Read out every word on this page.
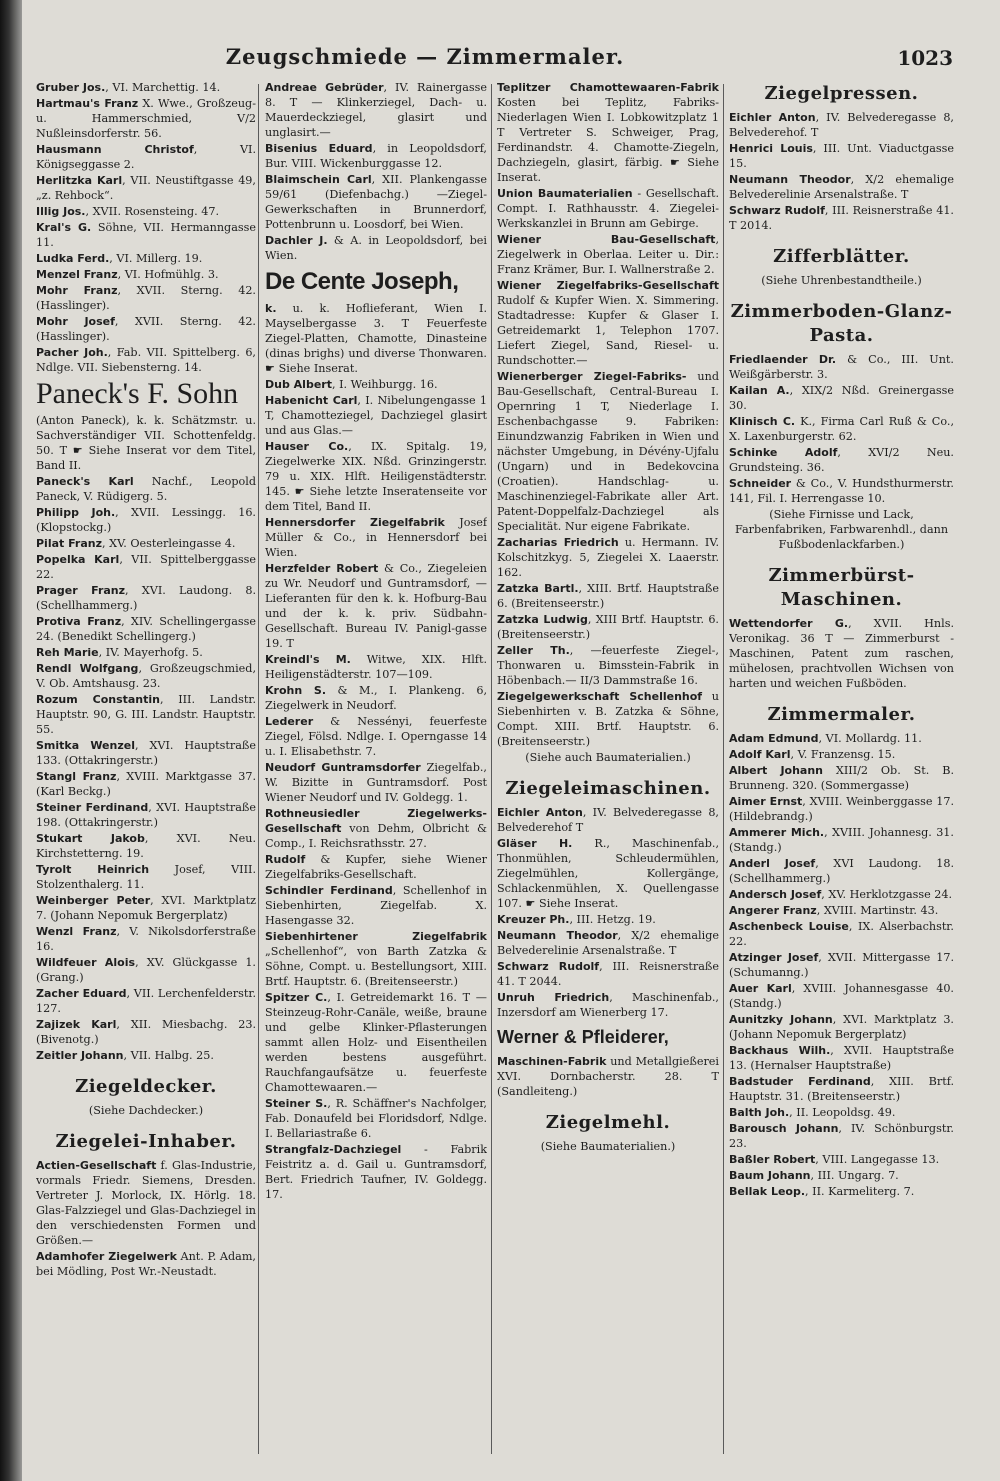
Zeugschmiede — Zimmermaler.	1023
Gruber Jos., VI. Marchettig. 14.
Hartmau's Franz X. Wwe., Großzeug- u. Hammerschmied, V/2 Nußleinsdorferstr. 56.
Hausmann Christof, VI. Königseggasse 2.
Herlitzka Karl, VII. Neustiftgasse 49, „z. Rehbock“.
Illig Jos., XVII. Rosensteing. 47.
Kral's G. Söhne, VII. Hermanngasse 11.
Ludka Ferd., VI. Millerg. 19.
Menzel Franz, VI. Hofmühlg. 3.
Mohr Franz, XVII. Sterng. 42. (Hasslinger).
Mohr Josef, XVII. Sterng. 42. (Hasslinger).
Pacher Joh., Fab. VII. Spittelberg. 6, Ndlge. VII. Siebensterng. 14.
Paneck's F. Sohn
(Anton Paneck), k. k. Schätzmstr. u. Sachverständiger VII. Schottenfeldg. 50. T ☛ Siehe Inserat vor dem Titel, Band II.
Paneck's Karl Nachf., Leopold Paneck, V. Rüdigerg. 5.
Philipp Joh., XVII. Lessingg. 16. (Klopstockg.)
Pilat Franz, XV. Oesterleingasse 4.
Popelka Karl, VII. Spittelberggasse 22.
Prager Franz, XVI. Laudong. 8. (Schellhammerg.)
Protiva Franz, XIV. Schellingergasse 24. (Benedikt Schellingerg.)
Reh Marie, IV. Mayerhofg. 5.
Rendl Wolfgang, Großzeugschmied, V. Ob. Amtshausg. 23.
Rozum Constantin, III. Landstr. Hauptstr. 90, G. III. Landstr. Hauptstr. 55.
Smitka Wenzel, XVI. Hauptstraße 133. (Ottakringerstr.)
Stangl Franz, XVIII. Marktgasse 37. (Karl Beckg.)
Steiner Ferdinand, XVI. Hauptstraße 198. (Ottakringerstr.)
Stukart Jakob, XVI. Neu. Kirchstetterng. 19.
Tyrolt Heinrich Josef, VIII. Stolzenthalerg. 11.
Weinberger Peter, XVI. Marktplatz 7. (Johann Nepomuk Bergerplatz)
Wenzl Franz, V. Nikolsdorferstraße 16.
Wildfeuer Alois, XV. Glückgasse 1. (Grang.)
Zacher Eduard, VII. Lerchenfelderstr. 127.
Zajizek Karl, XII. Miesbachg. 23. (Bivenotg.)
Zeitler Johann, VII. Halbg. 25.
Ziegeldecker.
(Siehe Dachdecker.)
Ziegelei-Inhaber.
Actien-Gesellschaft f. Glas-Industrie, vormals Friedr. Siemens, Dresden. Vertreter J. Morlock, IX. Hörlg. 18. Glas-Falzziegel und Glas-Dachziegel in den verschiedensten Formen und Größen.—
Adamhofer Ziegelwerk Ant. P. Adam, bei Mödling, Post Wr.-Neustadt.
Andreae Gebrüder, IV. Rainergasse 8. T — Klinkerziegel, Dach- u. Mauerdeckziegel, glasirt und unglasirt.—
Bisenius Eduard, in Leopoldsdorf, Bur. VIII. Wickenburggasse 12.
Blaimschein Carl, XII. Plankengasse 59/61 (Diefenbachg.) —Ziegel-Gewerkschaften in Brunnerdorf, Pottenbrunn u. Loosdorf, bei Wien.
Dachler J. & A. in Leopoldsdorf, bei Wien.
De Cente Joseph,
k. u. k. Hoflieferant, Wien I. Mayselbergasse 3. T Feuerfeste Ziegel-Platten, Chamotte, Dinasteine (dinas brighs) und diverse Thonwaren. ☛ Siehe Inserat.
Dub Albert, I. Weihburgg. 16.
Habenicht Carl, I. Nibelungengasse 1 T, Chamotteziegel, Dachziegel glasirt und aus Glas.—
Hauser Co., IX. Spitalg. 19, Ziegelwerke XIX. Nßd. Grinzingerstr. 79 u. XIX. Hlft. Heiligenstädterstr. 145. ☛ Siehe letzte Inseratenseite vor dem Titel, Band II.
Hennersdorfer Ziegelfabrik Josef Müller & Co., in Hennersdorf bei Wien.
Herzfelder Robert & Co., Ziegeleien zu Wr. Neudorf und Guntramsdorf, —Lieferanten für den k. k. Hofburg-Bau und der k. k. priv. Südbahn-Gesellschaft. Bureau IV. Panigl-gasse 19. T
Kreindl's M. Witwe, XIX. Hlft. Heiligenstädterstr. 107—109.
Krohn S. & M., I. Plankeng. 6, Ziegelwerk in Neudorf.
Lederer & Nessényi, feuerfeste Ziegel, Fölsd. Ndlge. I. Operngasse 14 u. I. Elisabethstr. 7.
Neudorf Guntramsdorfer Ziegelfab., W. Bizitte in Guntramsdorf. Post Wiener Neudorf und IV. Goldegg. 1.
Rothneusiedler Ziegelwerks-Gesellschaft von Dehm, Olbricht & Comp., I. Reichsrathsstr. 27.
Rudolf & Kupfer, siehe Wiener Ziegelfabriks-Gesellschaft.
Schindler Ferdinand, Schellenhof in Siebenhirten, Ziegelfab. X. Hasengasse 32.
Siebenhirtener Ziegelfabrik „Schellenhof“, von Barth Zatzka & Söhne, Compt. u. Bestellungsort, XIII. Brtf. Hauptstr. 6. (Breitenseerstr.)
Spitzer C., I. Getreidemarkt 16. T —Steinzeug-Rohr-Canäle, weiße, braune und gelbe Klinker-Pflasterungen sammt allen Holz- und Eisentheilen werden bestens ausgeführt. Rauchfangaufsätze u. feuerfeste Chamottewaaren.—
Steiner S., R. Schäffner's Nachfolger, Fab. Donaufeld bei Floridsdorf, Ndlge. I. Bellariastraße 6.
Strangfalz-Dachziegel - Fabrik Feistritz a. d. Gail u. Guntramsdorf, Bert. Friedrich Taufner, IV. Goldegg. 17.
Teplitzer Chamottewaaren-Fabrik Kosten bei Teplitz, Fabriks-Niederlagen Wien I. Lobkowitzplatz 1 T Vertreter S. Schweiger, Prag, Ferdinandstr. 4. Chamotte-Ziegeln, Dachziegeln, glasirt, färbig. ☛ Siehe Inserat.
Union Baumaterialien - Gesellschaft. Compt. I. Rathhausstr. 4. Ziegelei-Werkskanzlei in Brunn am Gebirge.
Wiener Bau-Gesellschaft, Ziegelwerk in Oberlaa. Leiter u. Dir.: Franz Krämer, Bur. I. Wallnerstraße 2.
Wiener Ziegelfabriks-Gesellschaft Rudolf & Kupfer Wien. X. Simmering. Stadtadresse: Kupfer & Glaser I. Getreidemarkt 1, Telephon 1707. Liefert Ziegel, Sand, Riesel- u. Rundschotter.—
Wienerberger Ziegel-Fabriks- und Bau-Gesellschaft, Central-Bureau I. Opernring 1 T, Niederlage I. Eschenbachgasse 9. Fabriken: Einundzwanzig Fabriken in Wien und nächster Umgebung, in Dévény-Ujfalu (Ungarn) und in Bedekovcina (Croatien). Handschlag- u. Maschinenziegel-Fabrikate aller Art. Patent-Doppelfalz-Dachziegel als Specialität. Nur eigene Fabrikate.
Zacharias Friedrich u. Hermann. IV. Kolschitzkyg. 5, Ziegelei X. Laaerstr. 162.
Zatzka Bartl., XIII. Brtf. Hauptstraße 6. (Breitenseerstr.)
Zatzka Ludwig, XIII Brtf. Hauptstr. 6. (Breitenseerstr.)
Zeller Th., —feuerfeste Ziegel-, Thonwaren u. Bimsstein-Fabrik in Höbenbach.— II/3 Dammstraße 16.
Ziegelgewerkschaft Schellenhof u Siebenhirten v. B. Zatzka & Söhne, Compt. XIII. Brtf. Hauptstr. 6. (Breitenseerstr.)
(Siehe auch Baumaterialien.)
Ziegeleimaschinen.
Eichler Anton, IV. Belvederegasse 8, Belvederehof T
Gläser H. R., Maschinenfab., Thonmühlen, Schleudermühlen, Ziegelmühlen, Kollergänge, Schlackenmühlen, X. Quellengasse 107. ☛ Siehe Inserat.
Kreuzer Ph., III. Hetzg. 19.
Neumann Theodor, X/2 ehemalige Belvederelinie Arsenalstraße. T
Schwarz Rudolf, III. Reisnerstraße 41. T 2044.
Unruh Friedrich, Maschinenfab., Inzersdorf am Wienerberg 17.
Werner & Pfleiderer,
Maschinen-Fabrik und Metallgießerei XVI. Dornbacherstr. 28. T (Sandleiteng.)
Ziegelmehl.
(Siehe Baumaterialien.)
Ziegelpressen.
Eichler Anton, IV. Belvederegasse 8, Belvederehof. T
Henrici Louis, III. Unt. Viaductgasse 15.
Neumann Theodor, X/2 ehemalige Belvederelinie Arsenalstraße. T
Schwarz Rudolf, III. Reisnerstraße 41. T 2014.
Zifferblätter.
(Siehe Uhrenbestandtheile.)
Zimmerboden-Glanz-Pasta.
Friedlaender Dr. & Co., III. Unt. Weißgärberstr. 3.
Kailan A., XIX/2 Nßd. Greinergasse 30.
Klinisch C. K., Firma Carl Ruß & Co., X. Laxenburgerstr. 62.
Schinke Adolf, XVI/2 Neu. Grundsteing. 36.
Schneider & Co., V. Hundsthurmerstr. 141, Fil. I. Herrengasse 10.
(Siehe Firnisse und Lack, Farbenfabriken, Farbwarenhdl., dann Fußbodenlackfarben.)
Zimmerbürst-Maschinen.
Wettendorfer G., XVII. Hnls. Veronikag. 36 T — Zimmerburst - Maschinen, Patent zum raschen, mühelosen, prachtvollen Wichsen von harten und weichen Fußböden.
Zimmermaler.
Adam Edmund, VI. Mollardg. 11.
Adolf Karl, V. Franzensg. 15.
Albert Johann XIII/2 Ob. St. B. Brunneng. 320. (Sommergasse)
Aimer Ernst, XVIII. Weinberggasse 17. (Hildebrandg.)
Ammerer Mich., XVIII. Johannesg. 31. (Standg.)
Anderl Josef, XVI Laudong. 18. (Schellhammerg.)
Andersch Josef, XV. Herklotzgasse 24.
Angerer Franz, XVIII. Martinstr. 43.
Aschenbeck Louise, IX. Alserbachstr. 22.
Atzinger Josef, XVII. Mittergasse 17. (Schumanng.)
Auer Karl, XVIII. Johannesgasse 40. (Standg.)
Aunitzky Johann, XVI. Marktplatz 3. (Johann Nepomuk Bergerplatz)
Backhaus Wilh., XVII. Hauptstraße 13. (Hernalser Hauptstraße)
Badstuder Ferdinand, XIII. Brtf. Hauptstr. 31. (Breitenseerstr.)
Balth Joh., II. Leopoldsg. 49.
Barousch Johann, IV. Schönburgstr. 23.
Baßler Robert, VIII. Langegasse 13.
Baum Johann, III. Ungarg. 7.
Bellak Leop., II. Karmeliterg. 7.
